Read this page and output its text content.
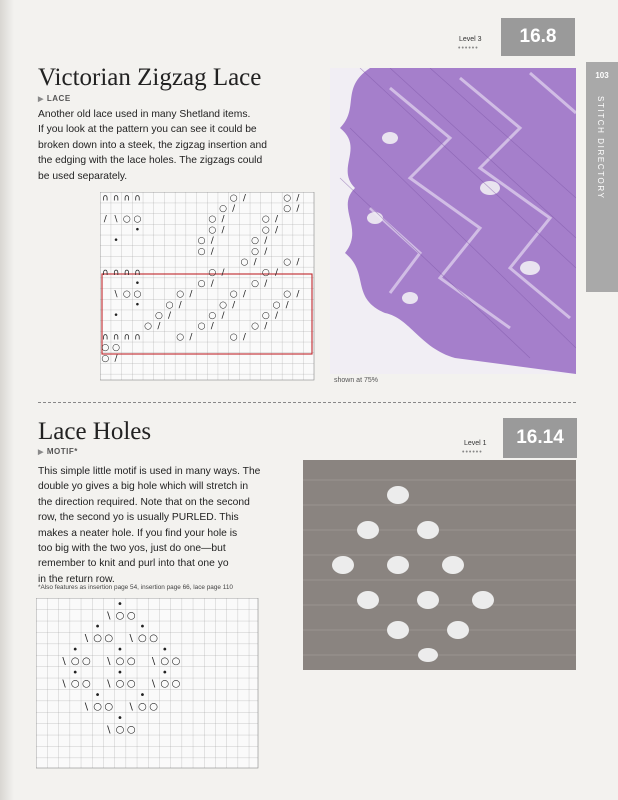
103
STITCH DIRECTORY
Level 3
••••••
16.8
Victorian Zigzag Lace
▶ LACE
Another old lace used in many Shetland items.
If you look at the pattern you can see it could be
broken down into a steek, the zigzag insertion and
the edging with the lace holes. The zigzags could
be used separately.
∩ ∩ ∩ ∩	○ /	○ /
○ /	○ /
/ \ ○ ○	○ /	○ /
•	○ /	○ /
•	○ /	○ /
○ /	○ /
○ /	○ /
∩ ∩ ∩ ∩	○ /	○ /
•	○ /	○ /
\ ○ ○	○ /	○ /	○ /
•	○ /	○ /	○ /
•	○ /	○ /	○ /
○ /	○ /	○ /
∩ ∩ ∩ ∩	○ /	○ /
○ ○
○ /
shown at 75%
Lace Holes
▶ MOTIF*
Level 1
••••••
16.14
This simple little motif is used in many ways. The
double yo gives a big hole which will stretch in
the direction required. Note that on the second
row, the second yo is usually PURLED. This
makes a neater hole. If you find your hole is
too big with the two yos, just do one—but
remember to knit and purl into that one yo
in the return row.
*Also features as insertion page 54, insertion page 66, lace page 110
•
\ ○ ○
•	•
\ ○ ○ \ ○ ○
•	•	•
\ ○ ○ \ ○ ○ \ ○ ○
•	•	•
\ ○ ○ \ ○ ○ \ ○ ○
•	•
\ ○ ○ \ ○ ○
•
\ ○ ○
